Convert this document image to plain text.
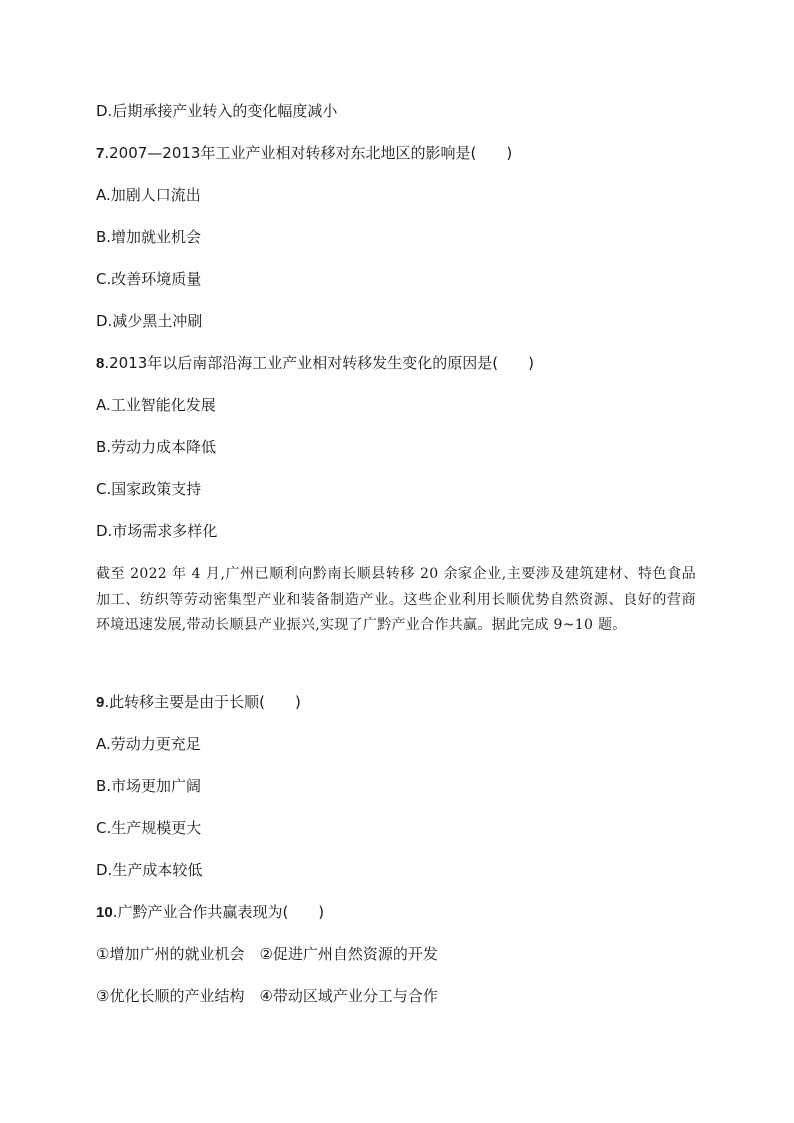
D.后期承接产业转入的变化幅度减小
7.2007—2013年工业产业相对转移对东北地区的影响是(　　)
A.加剧人口流出
B.增加就业机会
C.改善环境质量
D.减少黑土冲刷
8.2013年以后南部沿海工业产业相对转移发生变化的原因是(　　)
A.工业智能化发展
B.劳动力成本降低
C.国家政策支持
D.市场需求多样化
截至 2022 年 4 月,广州已顺利向黔南长顺县转移 20 余家企业,主要涉及建筑建材、特色食品加工、纺织等劳动密集型产业和装备制造产业。这些企业利用长顺优势自然资源、良好的营商环境迅速发展,带动长顺县产业振兴,实现了广黔产业合作共赢。据此完成 9~10 题。
9.此转移主要是由于长顺(　　)
A.劳动力更充足
B.市场更加广阔
C.生产规模更大
D.生产成本较低
10.广黔产业合作共赢表现为(　　)
①增加广州的就业机会　②促进广州自然资源的开发
③优化长顺的产业结构　④带动区域产业分工与合作
